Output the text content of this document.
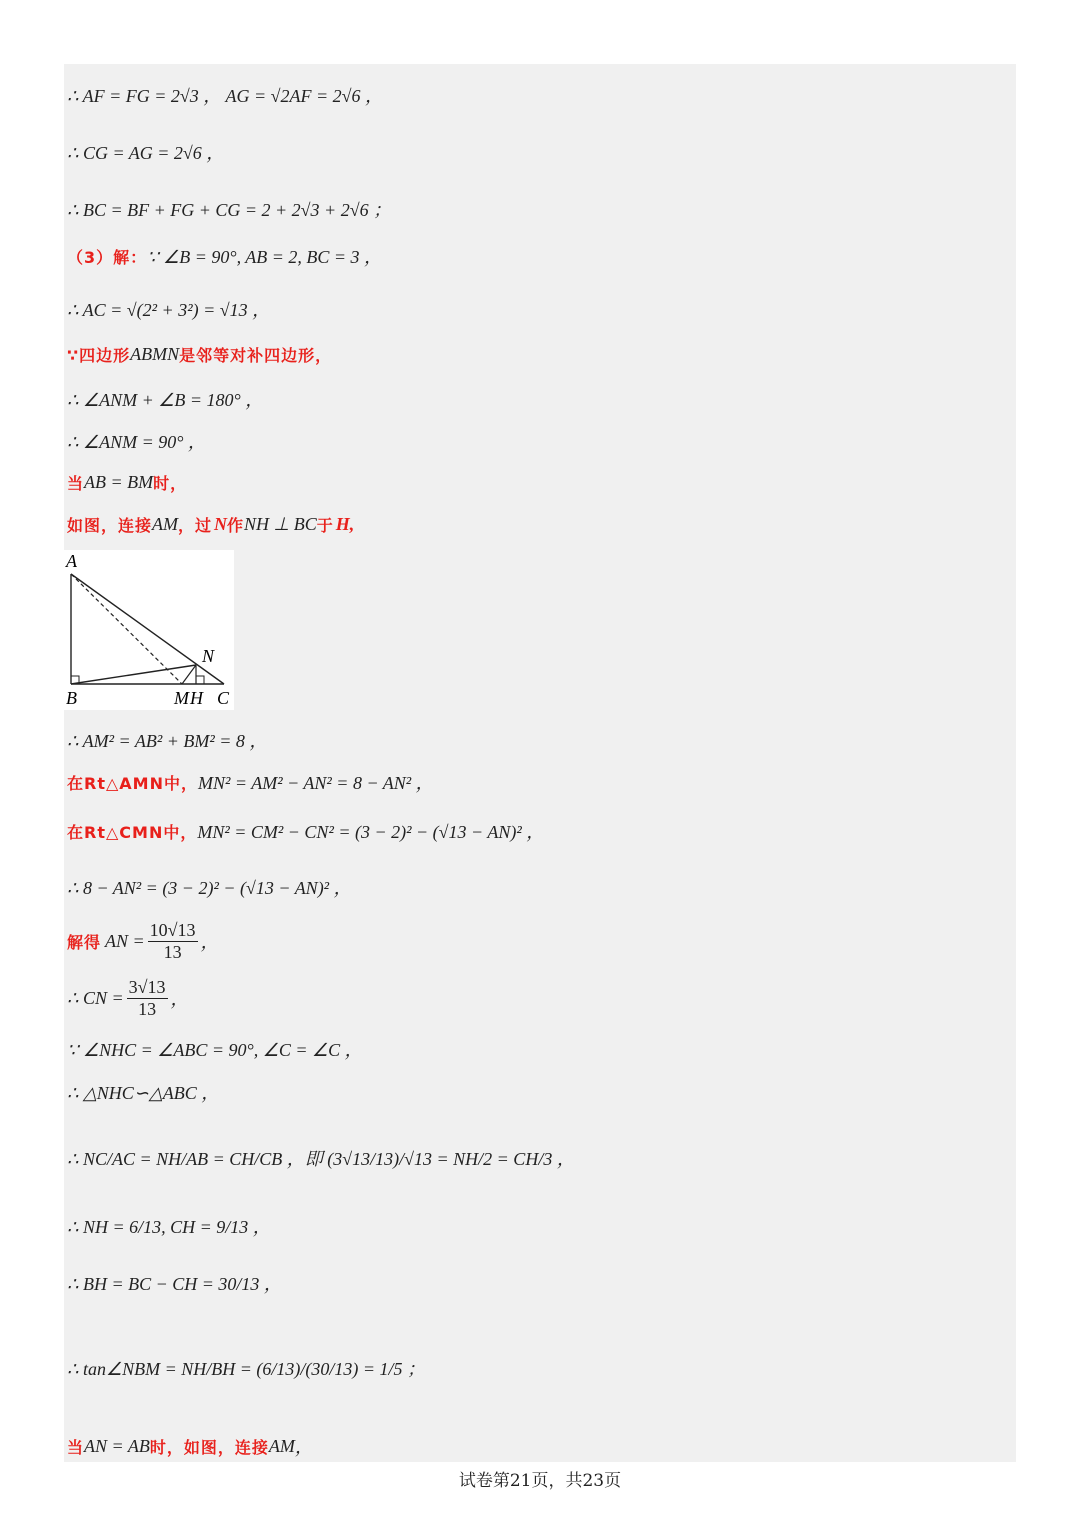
∴ AF = FG = 2√3 ， AG = √2AF = 2√6 ，
∴ CG = AG = 2√6 ，
∴ BC = BF + FG + CG = 2 + 2√3 + 2√6 ；
（3）解： ∵ ∠B = 90°, AB = 2, BC = 3 ，
∴ AC = √(2² + 3²) = √13 ，
∵四边形 ABMN 是邻等对补四边形，
∴ ∠ANM + ∠B = 180° ，
∴ ∠ANM = 90° ，
当 AB = BM 时，
如图，连接 AM ，过 N 作 NH ⊥ BC 于 H,
A
B	M H C
N
∴ AM² = AB² + BM² = 8 ，
在Rt△AMN中， MN² = AM² − AN² = 8 − AN² ，
在Rt△CMN中， MN² = CM² − CN² = (3 − 2)² − (√13 − AN)² ，
∴ 8 − AN² = (3 − 2)² − (√13 − AN)² ，
解得 AN = $\frac{10√13}{13}$ ，
∴ CN = $\frac{3√13}{13}$ ，
∵ ∠NHC = ∠ABC = 90°, ∠C = ∠C ，
∴ △NHC∽△ABC ，
∴ NC/AC = NH/AB = CH/CB ，即 (3√13/13)/√13 = NH/2 = CH/3 ，
∴ NH = 6/13, CH = 9/13 ，
∴ BH = BC − CH = 30/13 ，
∴ tan∠NBM = NH/BH = (6/13)/(30/13) = 1/5 ；
当 AN = AB 时，如图，连接 AM ，
试卷第21页，共23页
